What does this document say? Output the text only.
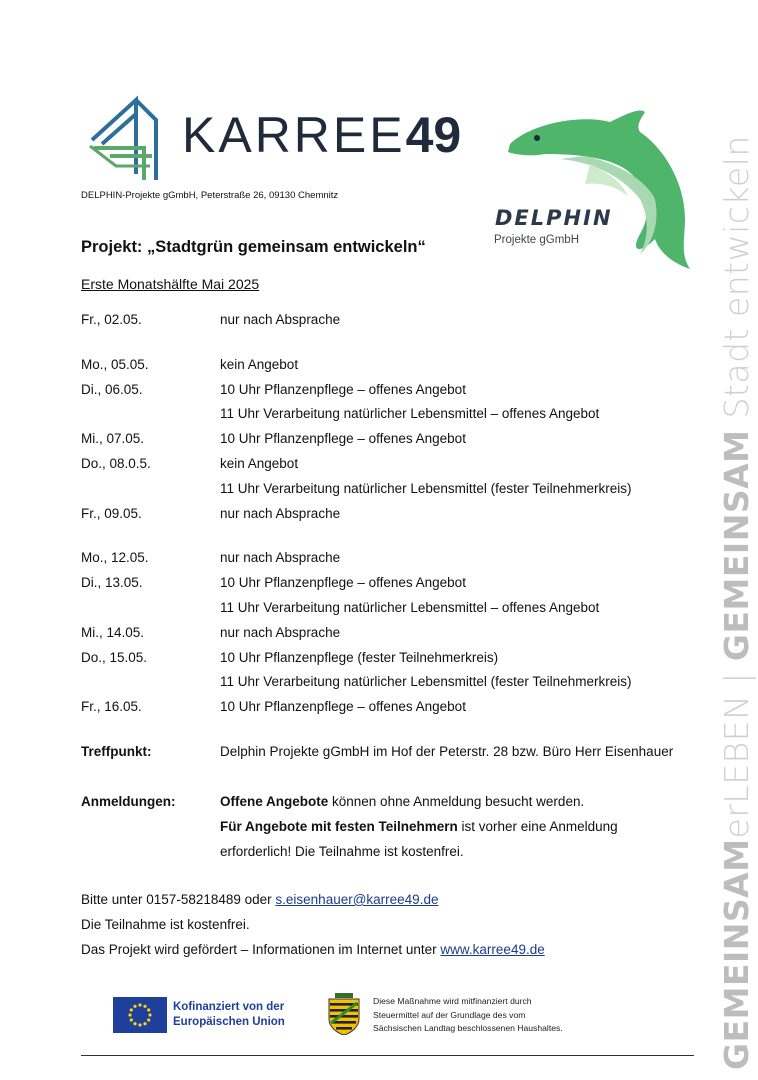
KARREE49
DELPHIN-Projekte gGmbH, Peterstraße 26, 09130 Chemnitz
DELPHIN
Projekte gGmbH
GEMEINSAMerLEBEN | GEMEINSAM Stadt entwickeln
Projekt: „Stadtgrün gemeinsam entwickeln“
Erste Monatshälfte Mai 2025
Fr., 02.05.	nur nach Absprache
Mo., 05.05.	kein Angebot
Di., 06.05.	10 Uhr Pflanzenpflege – offenes Angebot
11 Uhr Verarbeitung natürlicher Lebensmittel – offenes Angebot
Mi., 07.05.	10 Uhr Pflanzenpflege – offenes Angebot
Do., 08.0.5.	kein Angebot
11 Uhr Verarbeitung natürlicher Lebensmittel (fester Teilnehmerkreis)
Fr., 09.05.	nur nach Absprache
Mo., 12.05.	nur nach Absprache
Di., 13.05.	10 Uhr Pflanzenpflege – offenes Angebot
11 Uhr Verarbeitung natürlicher Lebensmittel – offenes Angebot
Mi., 14.05.	nur nach Absprache
Do., 15.05.	10 Uhr Pflanzenpflege (fester Teilnehmerkreis)
11 Uhr Verarbeitung natürlicher Lebensmittel (fester Teilnehmerkreis)
Fr., 16.05.	10 Uhr Pflanzenpflege – offenes Angebot
Treffpunkt:	Delphin Projekte gGmbH im Hof der Peterstr. 28 bzw. Büro Herr Eisenhauer
Anmeldungen:	Offene Angebote können ohne Anmeldung besucht werden.
Für Angebote mit festen Teilnehmern ist vorher eine Anmeldung
erforderlich! Die Teilnahme ist kostenfrei.
Bitte unter 0157-58218489 oder s.eisenhauer@karree49.de
Die Teilnahme ist kostenfrei.
Das Projekt wird gefördert – Informationen im Internet unter www.karree49.de
Kofinanziert von der
Europäischen Union
Diese Maßnahme wird mitfinanziert durch
Steuermittel auf der Grundlage des vom
Sächsischen Landtag beschlossenen Haushaltes.
